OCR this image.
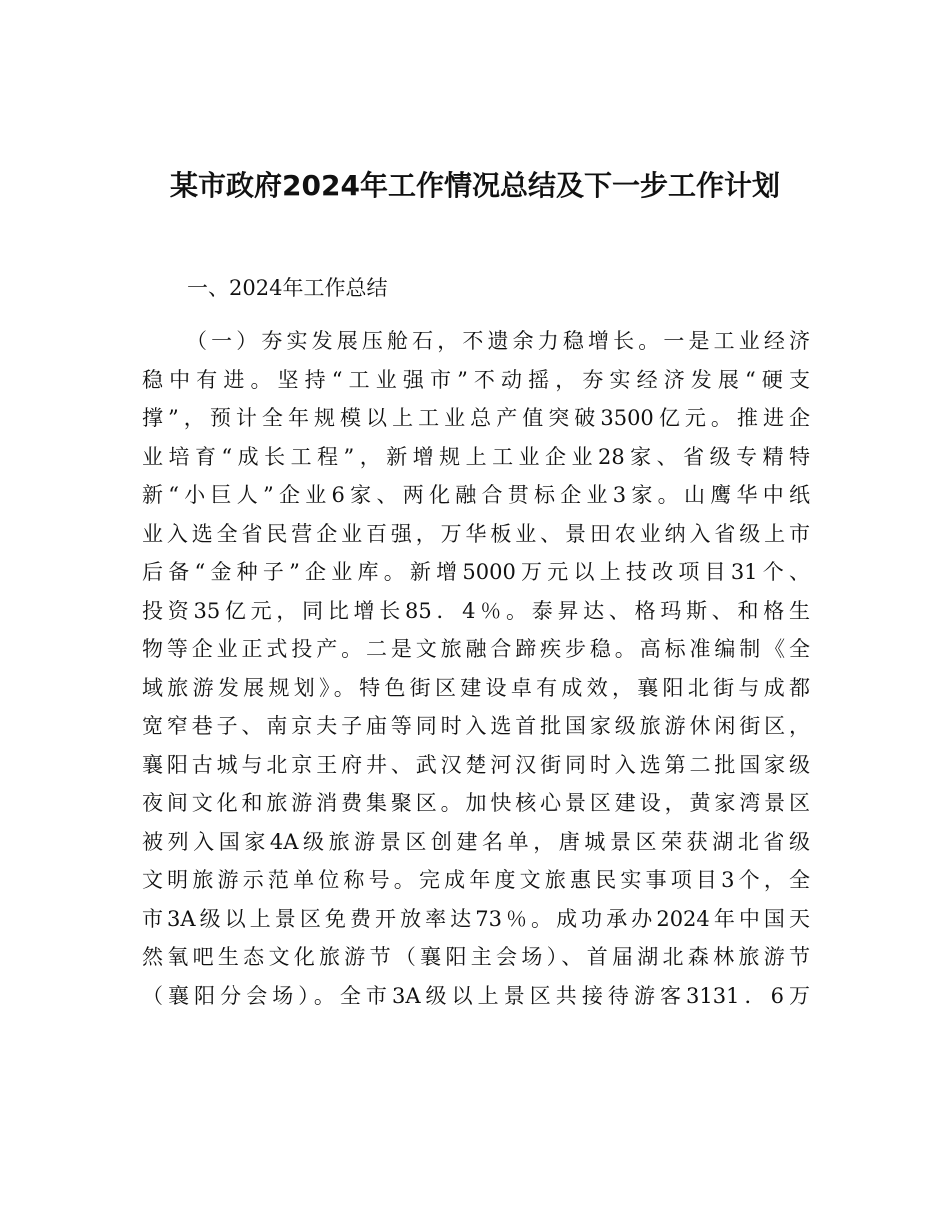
某市政府2024年工作情况总结及下一步工作计划

一、2024年工作总结

（一）夯实发展压舱石，不遗余力稳增长。一是工业经济
稳中有进。坚持“工业强市”不动摇，夯实经济发展“硬支
撑”，预计全年规模以上工业总产值突破3500亿元。推进企
业培育“成长工程”，新增规上工业企业28家、省级专精特
新“小巨人”企业6家、两化融合贯标企业3家。山鹰华中纸
业入选全省民营企业百强，万华板业、景田农业纳入省级上市
后备“金种子”企业库。新增5000万元以上技改项目31个、
投资35亿元，同比增长85．4％。泰昇达、格玛斯、和格生
物等企业正式投产。二是文旅融合蹄疾步稳。高标准编制《全
域旅游发展规划》。特色街区建设卓有成效，襄阳北街与成都
宽窄巷子、南京夫子庙等同时入选首批国家级旅游休闲街区，
襄阳古城与北京王府井、武汉楚河汉街同时入选第二批国家级
夜间文化和旅游消费集聚区。加快核心景区建设，黄家湾景区
被列入国家4A级旅游景区创建名单，唐城景区荣获湖北省级
文明旅游示范单位称号。完成年度文旅惠民实事项目3个，全
市3A级以上景区免费开放率达73％。成功承办2024年中国天
然氧吧生态文化旅游节（襄阳主会场）、首届湖北森林旅游节
（襄阳分会场）。全市3A级以上景区共接待游客3131．6万
